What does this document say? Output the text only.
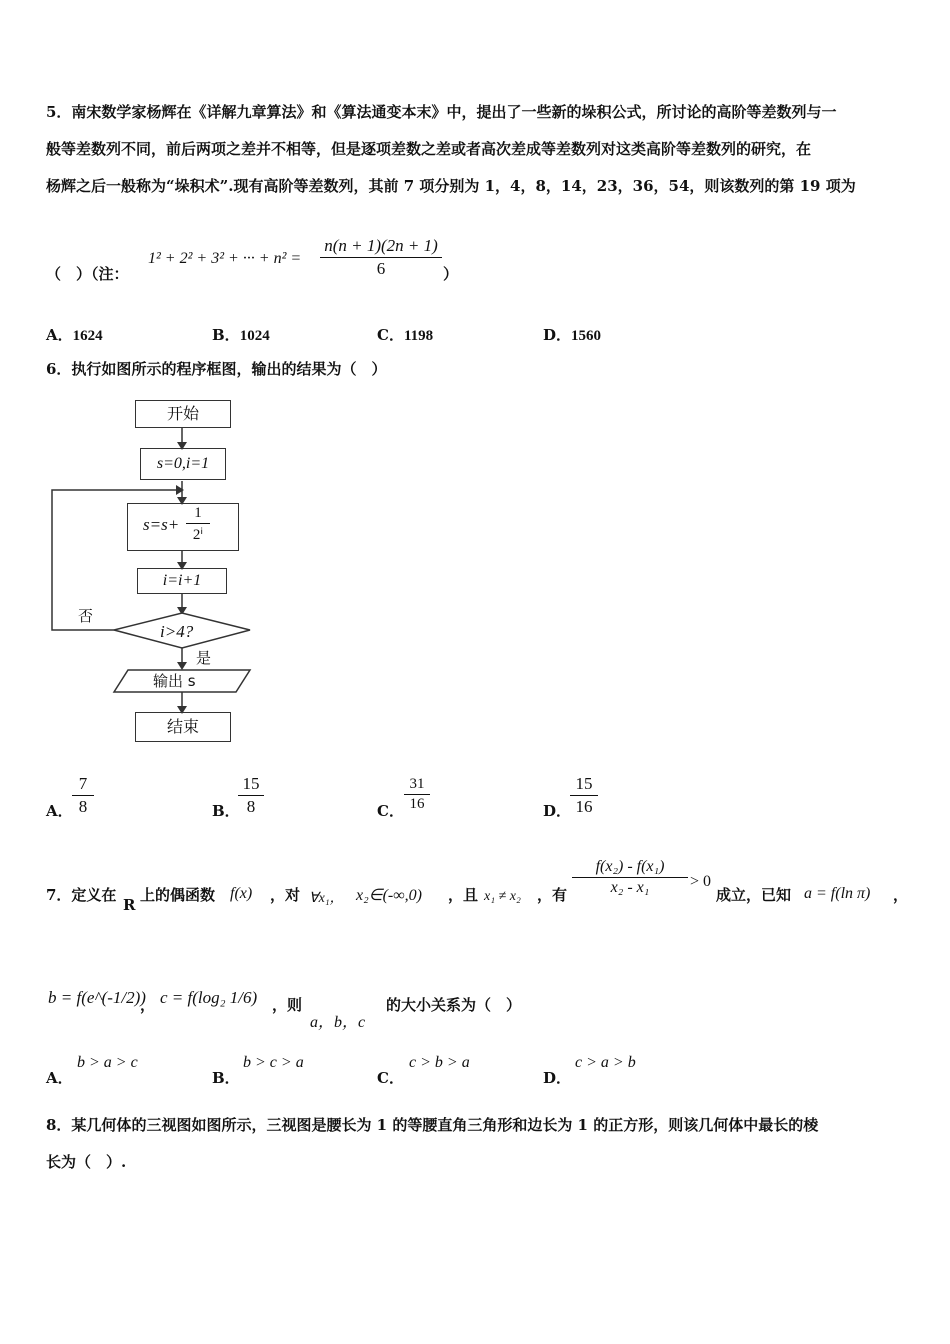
5．南宋数学家杨辉在《详解九章算法》和《算法通变本末》中，提出了一些新的垛积公式，所讨论的高阶等差数列与一
般等差数列不同，前后两项之差并不相等，但是逐项差数之差或者高次差成等差数列对这类高阶等差数列的研究，在
杨辉之后一般称为“垛积术”.现有高阶等差数列，其前 7 项分别为 1，4，8，14，23，36，54，则该数列的第 19 项为
（　）（注：
1² + 2² + 3² + ··· + n² =
n(n + 1)(2n + 1)
6	）
A．1624	B．1024	C．1198	D．1560
6．执行如图所示的程序框图，输出的结果为（　）
开始
s=0,i=1
s=s+
1
2ⁱ
i=i+1
i>4?
否
是
输出 s
结束
A．
7
8	B．
15
8	C．
31
16	D．
15
16
7．定义在
R
上的偶函数 f(x) ，对 ∀x₁， x₂∈(-∞,0) ，且 x₁ ≠ x₂ ，有
f(x₂) - f(x₁)
x₂ - x₁	> 0
成立，已知 a = f(ln π) ，
b = f(e^(-1/2))
， c = f(log₂ 1/6) ，则
a，b，c
的大小关系为（　）
A．
b > a > c
B．
b > c > a
C．
c > b > a
D．
c > a > b
8．某几何体的三视图如图所示，三视图是腰长为 1 的等腰直角三角形和边长为 1 的正方形，则该几何体中最长的棱
长为（　）.
